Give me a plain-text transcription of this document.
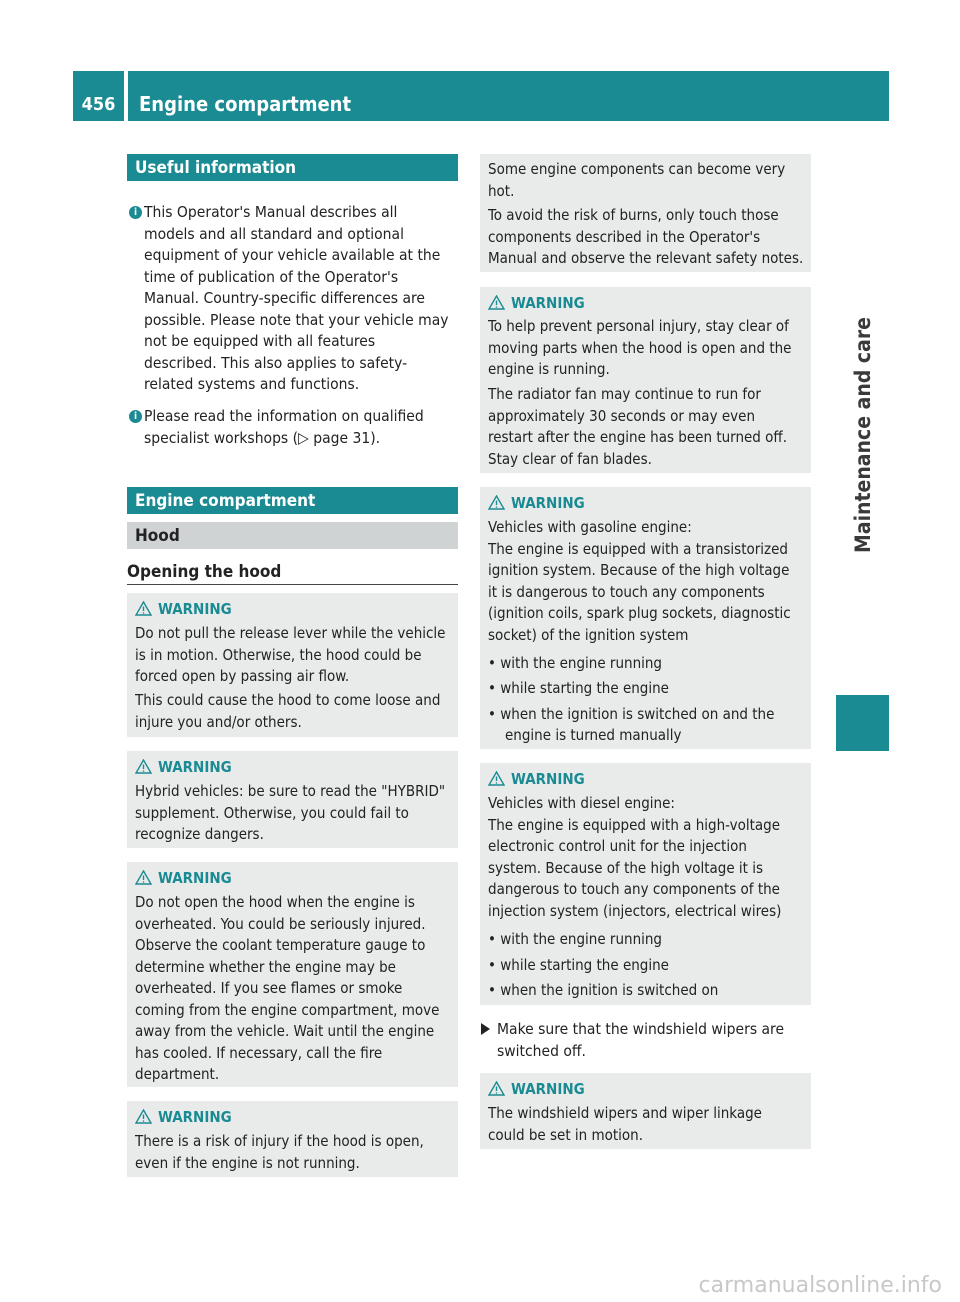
456	Engine compartment
Maintenance and care
Useful information
i This Operator's Manual describes all
models and all standard and optional
equipment of your vehicle available at the
time of publication of the Operator's
Manual. Country-specific differences are
possible. Please note that your vehicle may
not be equipped with all features
described. This also applies to safety-
related systems and functions.
i Please read the information on qualified
specialist workshops (▷ page 31).
Engine compartment
Hood
Opening the hood
WARNING

Do not pull the release lever while the vehicle
is in motion. Otherwise, the hood could be
forced open by passing air flow.

This could cause the hood to come loose and
injure you and/or others.

WARNING

Hybrid vehicles: be sure to read the "HYBRID"
supplement. Otherwise, you could fail to
recognize dangers.

WARNING

Do not open the hood when the engine is
overheated. You could be seriously injured.
Observe the coolant temperature gauge to
determine whether the engine may be
overheated. If you see flames or smoke
coming from the engine compartment, move
away from the vehicle. Wait until the engine
has cooled. If necessary, call the fire
department.

WARNING

There is a risk of injury if the hood is open,
even if the engine is not running.

Some engine components can become very
hot.

To avoid the risk of burns, only touch those
components described in the Operator's
Manual and observe the relevant safety notes.

WARNING

To help prevent personal injury, stay clear of
moving parts when the hood is open and the
engine is running.

The radiator fan may continue to run for
approximately 30 seconds or may even
restart after the engine has been turned off.
Stay clear of fan blades.

WARNING

Vehicles with gasoline engine:
The engine is equipped with a transistorized
ignition system. Because of the high voltage
it is dangerous to touch any components
(ignition coils, spark plug sockets, diagnostic
socket) of the ignition system

• with the engine running
• while starting the engine
• when the ignition is switched on and the
engine is turned manually
WARNING

Vehicles with diesel engine:
The engine is equipped with a high-voltage
electronic control unit for the injection
system. Because of the high voltage it is
dangerous to touch any components of the
injection system (injectors, electrical wires)

• with the engine running
• while starting the engine
• when the ignition is switched on
Make sure that the windshield wipers are
switched off.
WARNING

The windshield wipers and wiper linkage
could be set in motion.

carmanualsonline.info
